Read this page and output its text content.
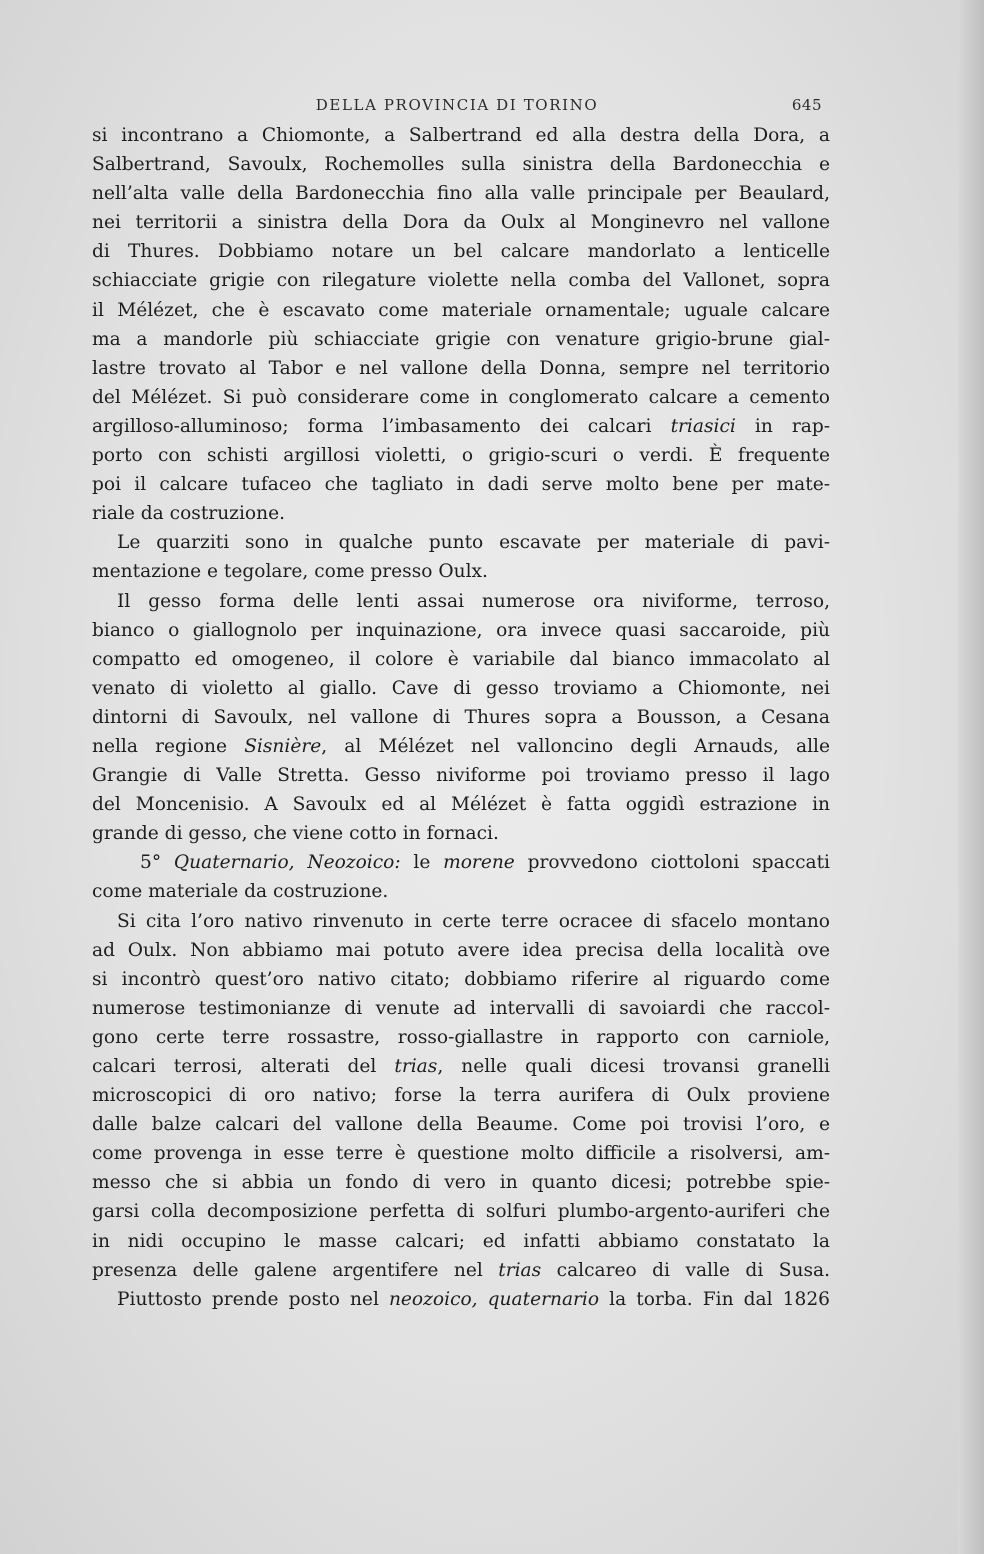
DELLA PROVINCIA DI TORINO	645
si incontrano a Chiomonte, a Salbertrand ed alla destra della Dora, a
Salbertrand, Savoulx, Rochemolles sulla sinistra della Bardonecchia e
nell’alta valle della Bardonecchia fino alla valle principale per Beaulard,
nei territorii a sinistra della Dora da Oulx al Monginevro nel vallone
di Thures. Dobbiamo notare un bel calcare mandorlato a lenticelle
schiacciate grigie con rilegature violette nella comba del Vallonet, sopra
il Mélézet, che è escavato come materiale ornamentale; uguale calcare
ma a mandorle più schiacciate grigie con venature grigio-brune gial-
lastre trovato al Tabor e nel vallone della Donna, sempre nel territorio
del Mélézet. Si può considerare come in conglomerato calcare a cemento
argilloso-alluminoso; forma l’imbasamento dei calcari triasici in rap-
porto con schisti argillosi violetti, o grigio-scuri o verdi. È frequente
poi il calcare tufaceo che tagliato in dadi serve molto bene per mate-
riale da costruzione.
Le quarziti sono in qualche punto escavate per materiale di pavi-
mentazione e tegolare, come presso Oulx.
Il gesso forma delle lenti assai numerose ora niviforme, terroso,
bianco o giallognolo per inquinazione, ora invece quasi saccaroide, più
compatto ed omogeneo, il colore è variabile dal bianco immacolato al
venato di violetto al giallo. Cave di gesso troviamo a Chiomonte, nei
dintorni di Savoulx, nel vallone di Thures sopra a Bousson, a Cesana
nella regione Sisnière, al Mélézet nel valloncino degli Arnauds, alle
Grangie di Valle Stretta. Gesso niviforme poi troviamo presso il lago
del Moncenisio. A Savoulx ed al Mélézet è fatta oggidì estrazione in
grande di gesso, che viene cotto in fornaci.
5° Quaternario, Neozoico: le morene provvedono ciottoloni spaccati
come materiale da costruzione.
Si cita l’oro nativo rinvenuto in certe terre ocracee di sfacelo montano
ad Oulx. Non abbiamo mai potuto avere idea precisa della località ove
si incontrò quest’oro nativo citato; dobbiamo riferire al riguardo come
numerose testimonianze di venute ad intervalli di savoiardi che raccol-
gono certe terre rossastre, rosso-giallastre in rapporto con carniole,
calcari terrosi, alterati del trias, nelle quali dicesi trovansi granelli
microscopici di oro nativo; forse la terra aurifera di Oulx proviene
dalle balze calcari del vallone della Beaume. Come poi trovisi l’oro, e
come provenga in esse terre è questione molto difficile a risolversi, am-
messo che si abbia un fondo di vero in quanto dicesi; potrebbe spie-
garsi colla decomposizione perfetta di solfuri plumbo-argento-auriferi che
in nidi occupino le masse calcari; ed infatti abbiamo constatato la
presenza delle galene argentifere nel trias calcareo di valle di Susa.
Piuttosto prende posto nel neozoico, quaternario la torba. Fin dal 1826
